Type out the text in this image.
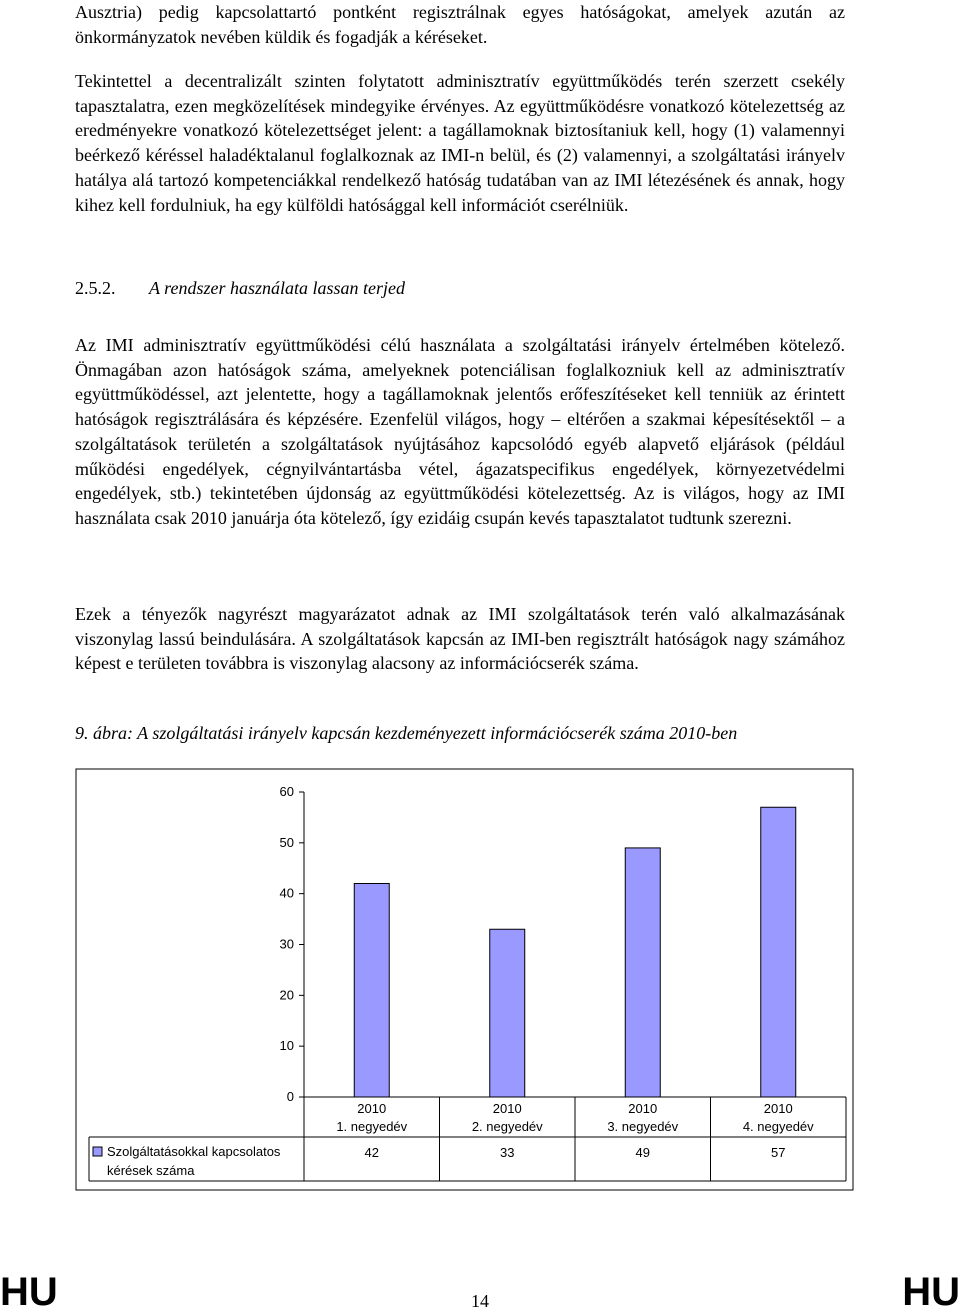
Ausztria) pedig kapcsolattartó pontként regisztrálnak egyes hatóságokat, amelyek azután az önkormányzatok nevében küldik és fogadják a kéréseket.

Tekintettel a decentralizált szinten folytatott adminisztratív együttműködés terén szerzett csekély tapasztalatra, ezen megközelítések mindegyike érvényes. Az együttműködésre vonatkozó kötelezettség az eredményekre vonatkozó kötelezettséget jelent: a tagállamoknak biztosítaniuk kell, hogy (1) valamennyi beérkező kéréssel haladéktalanul foglalkoznak az IMI-n belül, és (2) valamennyi, a szolgáltatási irányelv hatálya alá tartozó kompetenciákkal rendelkező hatóság tudatában van az IMI létezésének és annak, hogy kihez kell fordulniuk, ha egy külföldi hatósággal kell információt cserélniük.

2.5.2. A rendszer használata lassan terjed

Az IMI adminisztratív együttműködési célú használata a szolgáltatási irányelv értelmében kötelező. Önmagában azon hatóságok száma, amelyeknek potenciálisan foglalkozniuk kell az adminisztratív együttműködéssel, azt jelentette, hogy a tagállamoknak jelentős erőfeszítéseket kell tenniük az érintett hatóságok regisztrálására és képzésére. Ezenfelül világos, hogy – eltérően a szakmai képesítésektől – a szolgáltatások területén a szolgáltatások nyújtásához kapcsolódó egyéb alapvető eljárások (például működési engedélyek, cégnyilvántartásba vétel, ágazatspecifikus engedélyek, környezetvédelmi engedélyek, stb.) tekintetében újdonság az együttműködési kötelezettség. Az is világos, hogy az IMI használata csak 2010 januárja óta kötelező, így ezidáig csupán kevés tapasztalatot tudtunk szerezni.

Ezek a tényezők nagyrészt magyarázatot adnak az IMI szolgáltatások terén való alkalmazásának viszonylag lassú beindulására. A szolgáltatások kapcsán az IMI-ben regisztrált hatóságok nagy számához képest e területen továbbra is viszonylag alacsony az információcserék száma.

9. ábra: A szolgáltatási irányelv kapcsán kezdeményezett információcserék száma 2010-ben
0
10
20
30
40
50
60
2010
1. negyedév
42
2010
2. negyedév
33
2010
3. negyedév
49
2010
4. negyedév
57
Szolgáltatásokkal kapcsolatos
kérések száma
HU	HU
14
